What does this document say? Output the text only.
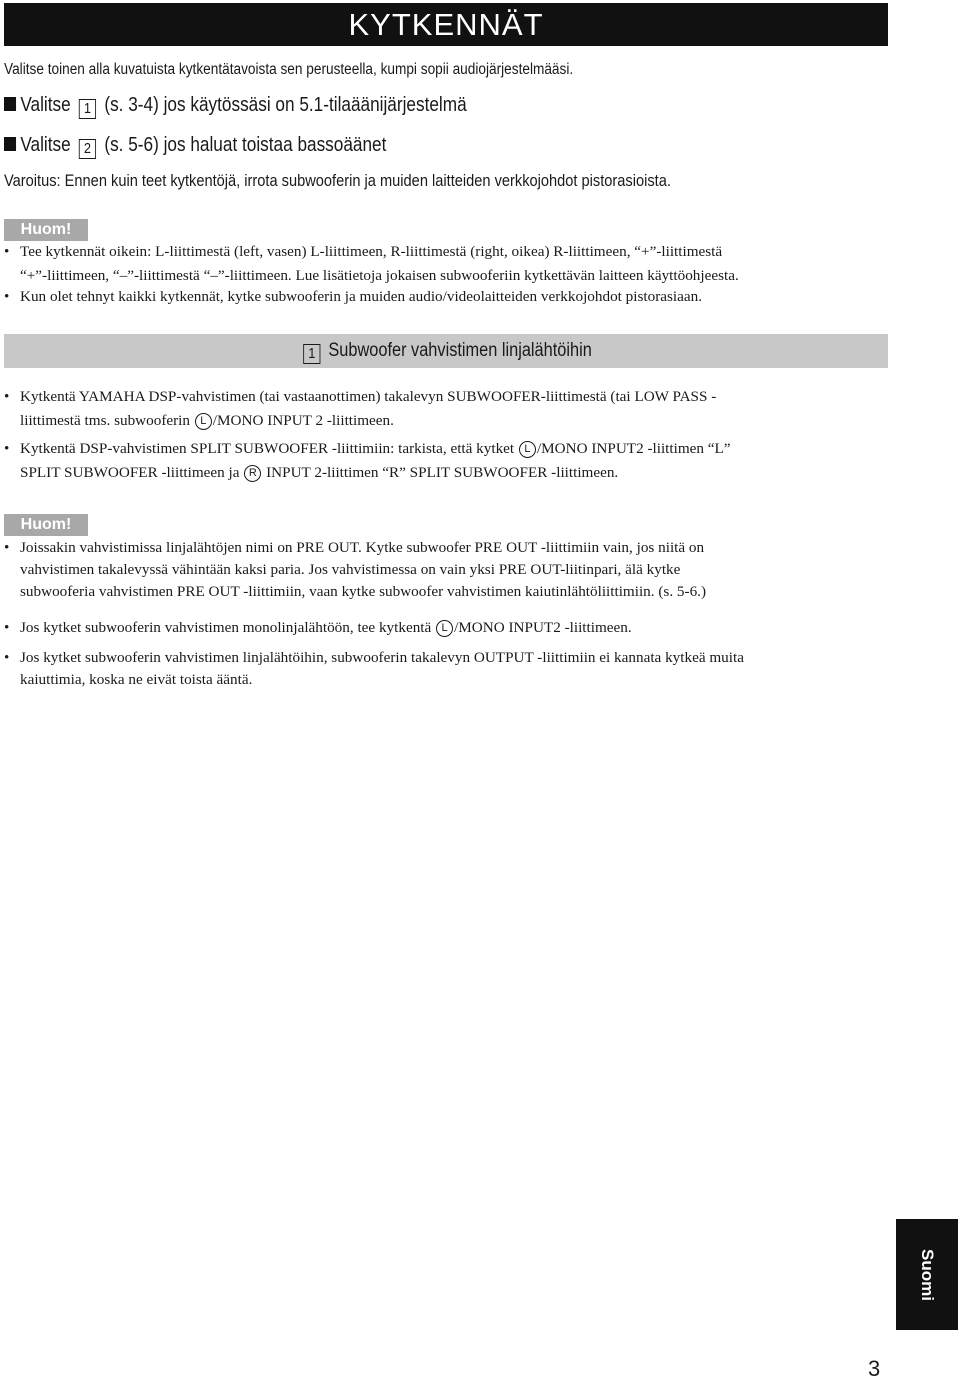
KYTKENNÄT
Valitse toinen alla kuvatuista kytkentätavoista sen perusteella, kumpi sopii audiojärjestelmääsi.
Valitse 1 (s. 3-4) jos käytössäsi on 5.1-tilaäänijärjestelmä
Valitse 2 (s. 5-6) jos haluat toistaa bassoäänet
Varoitus: Ennen kuin teet kytkentöjä, irrota subwooferin ja muiden laitteiden verkkojohdot pistorasioista.
Huom!
• Tee kytkennät oikein: L-liittimestä (left, vasen) L-liittimeen, R-liittimestä (right, oikea) R-liittimeen, “+”-liittimestä
“+”-liittimeen, “–”-liittimestä “–”-liittimeen. Lue lisätietoja jokaisen subwooferiin kytkettävän laitteen käyttöohjeesta.
• Kun olet tehnyt kaikki kytkennät, kytke subwooferin ja muiden audio/videolaitteiden verkkojohdot pistorasiaan.
1 Subwoofer vahvistimen linjalähtöihin
• Kytkentä YAMAHA DSP-vahvistimen (tai vastaanottimen) takalevyn SUBWOOFER-liittimestä (tai LOW PASS -
liittimestä tms. subwooferin L /MONO INPUT 2 -liittimeen.
• Kytkentä DSP-vahvistimen SPLIT SUBWOOFER -liittimiin: tarkista, että kytket L /MONO INPUT2 -liittimen “L”
SPLIT SUBWOOFER -liittimeen ja R INPUT 2-liittimen “R” SPLIT SUBWOOFER -liittimeen.
Huom!
• Joissakin vahvistimissa linjalähtöjen nimi on PRE OUT. Kytke subwoofer PRE OUT -liittimiin vain, jos niitä on
vahvistimen takalevyssä vähintään kaksi paria. Jos vahvistimessa on vain yksi PRE OUT-liitinpari, älä kytke
subwooferia vahvistimen PRE OUT -liittimiin, vaan kytke subwoofer vahvistimen kaiutinlähtöliittimiin. (s. 5-6.)
• Jos kytket subwooferin vahvistimen monolinjalähtöön, tee kytkentä L /MONO INPUT2 -liittimeen.
• Jos kytket subwooferin vahvistimen linjalähtöihin, subwooferin takalevyn OUTPUT -liittimiin ei kannata kytkeä muita
kaiuttimia, koska ne eivät toista ääntä.
Suomi
3
